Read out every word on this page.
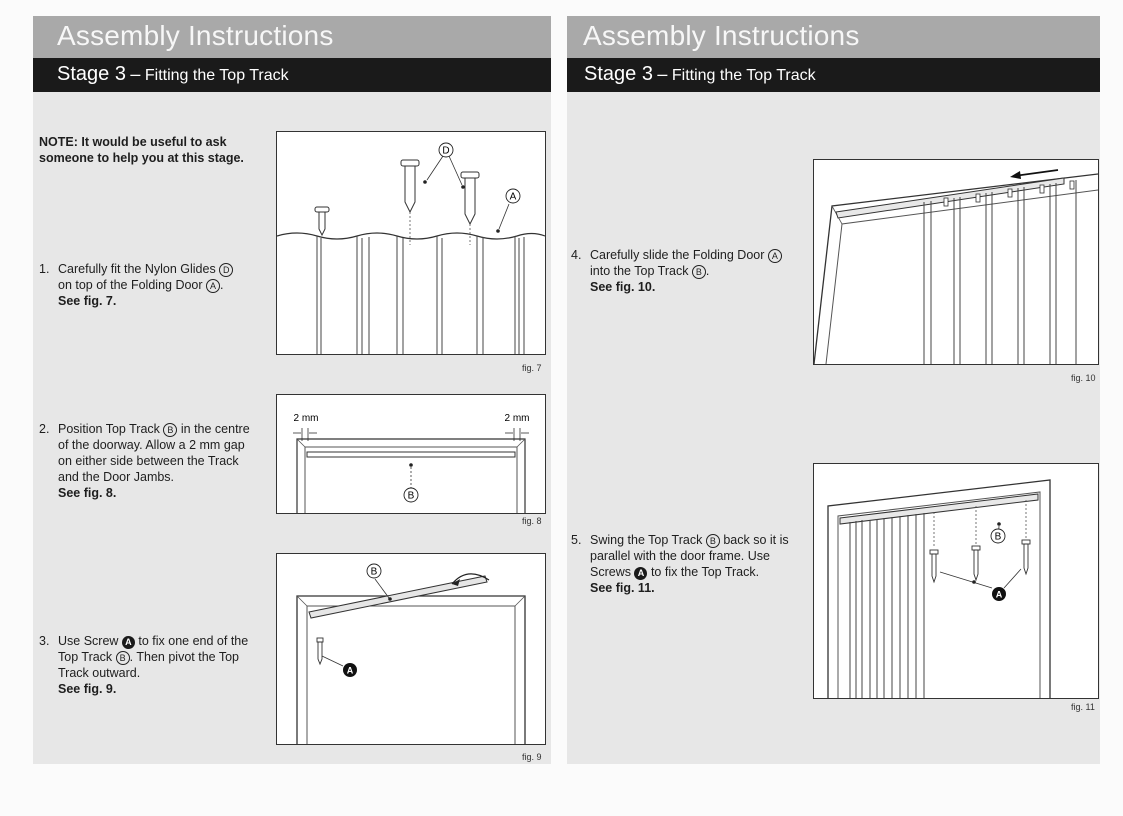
Assembly Instructions
Stage 3 – Fitting the Top Track
NOTE: It would be useful to ask someone to help you at this stage.
1. Carefully fit the Nylon Glides D on top of the Folding Door A .
See fig. 7.
2. Position Top Track B in the centre of the doorway. Allow a 2 mm gap on either side between the Track and the Door Jambs.
See fig. 8.
3. Use Screw A to fix one end of the Top Track B . Then pivot the Top Track outward.
See fig. 9.
D
A
fig. 7
2 mm	2 mm
B
fig. 8
B
A
fig. 9
Assembly Instructions
Stage 3 – Fitting the Top Track
4. Carefully slide the Folding Door A into the Top Track B .
See fig. 10.
5. Swing the Top Track B back so it is parallel with the door frame. Use Screws A to fix the Top Track.
See fig. 11.
fig. 10
B
A
fig. 11
